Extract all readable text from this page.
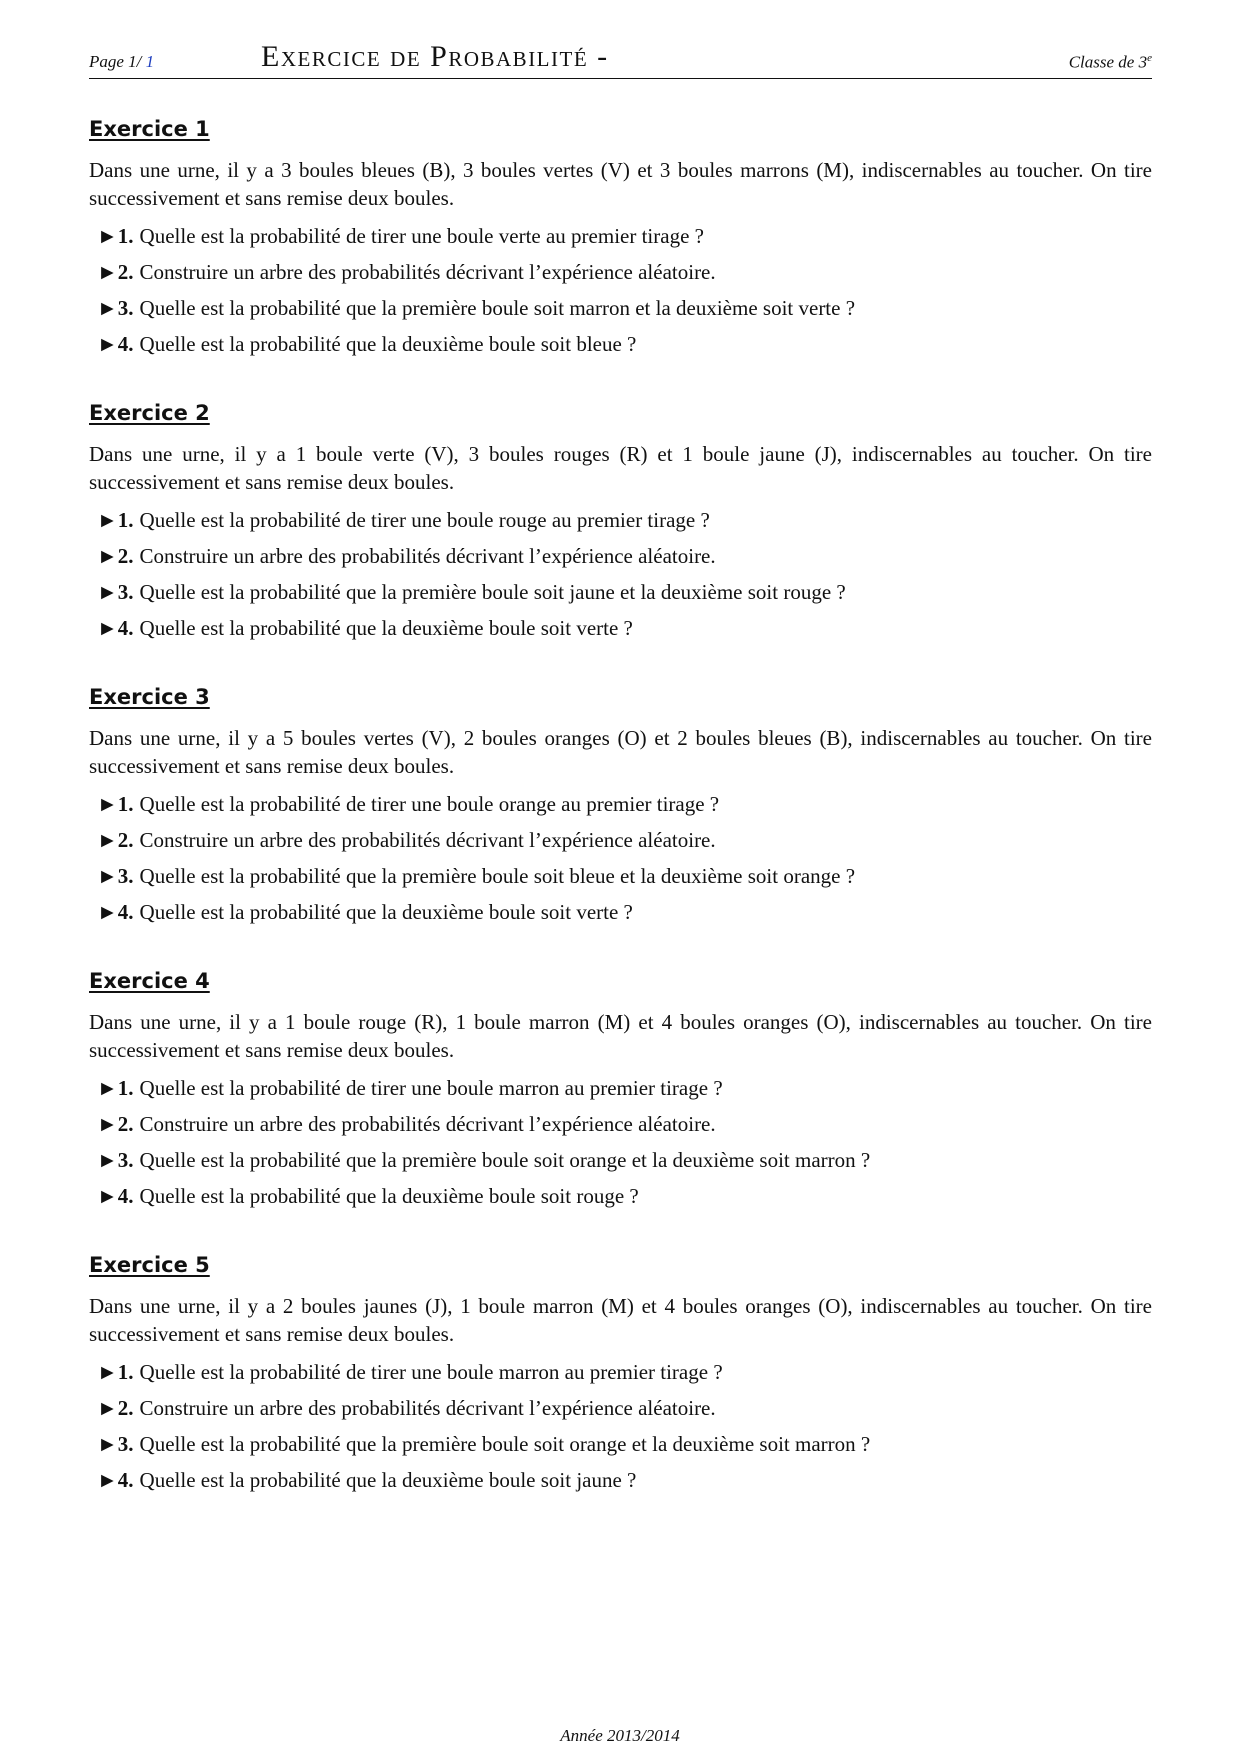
Page 1/ 1	Exercice de Probabilité -	Classe de 3e
Exercice 1

Dans une urne, il y a 3 boules bleues (B), 3 boules vertes (V) et 3 boules marrons (M), indiscernables au toucher. On tire successivement et sans remise deux boules.

►1. Quelle est la probabilité de tirer une boule verte au premier tirage ?
►2. Construire un arbre des probabilités décrivant l’expérience aléatoire.
►3. Quelle est la probabilité que la première boule soit marron et la deuxième soit verte ?
►4. Quelle est la probabilité que la deuxième boule soit bleue ?
Exercice 2

Dans une urne, il y a 1 boule verte (V), 3 boules rouges (R) et 1 boule jaune (J), indiscernables au toucher. On tire successivement et sans remise deux boules.

►1. Quelle est la probabilité de tirer une boule rouge au premier tirage ?
►2. Construire un arbre des probabilités décrivant l’expérience aléatoire.
►3. Quelle est la probabilité que la première boule soit jaune et la deuxième soit rouge ?
►4. Quelle est la probabilité que la deuxième boule soit verte ?
Exercice 3

Dans une urne, il y a 5 boules vertes (V), 2 boules oranges (O) et 2 boules bleues (B), indiscernables au toucher. On tire successivement et sans remise deux boules.

►1. Quelle est la probabilité de tirer une boule orange au premier tirage ?
►2. Construire un arbre des probabilités décrivant l’expérience aléatoire.
►3. Quelle est la probabilité que la première boule soit bleue et la deuxième soit orange ?
►4. Quelle est la probabilité que la deuxième boule soit verte ?
Exercice 4

Dans une urne, il y a 1 boule rouge (R), 1 boule marron (M) et 4 boules oranges (O), indiscernables au toucher. On tire successivement et sans remise deux boules.

►1. Quelle est la probabilité de tirer une boule marron au premier tirage ?
►2. Construire un arbre des probabilités décrivant l’expérience aléatoire.
►3. Quelle est la probabilité que la première boule soit orange et la deuxième soit marron ?
►4. Quelle est la probabilité que la deuxième boule soit rouge ?
Exercice 5

Dans une urne, il y a 2 boules jaunes (J), 1 boule marron (M) et 4 boules oranges (O), indiscernables au toucher. On tire successivement et sans remise deux boules.

►1. Quelle est la probabilité de tirer une boule marron au premier tirage ?
►2. Construire un arbre des probabilités décrivant l’expérience aléatoire.
►3. Quelle est la probabilité que la première boule soit orange et la deuxième soit marron ?
►4. Quelle est la probabilité que la deuxième boule soit jaune ?
Année 2013/2014
